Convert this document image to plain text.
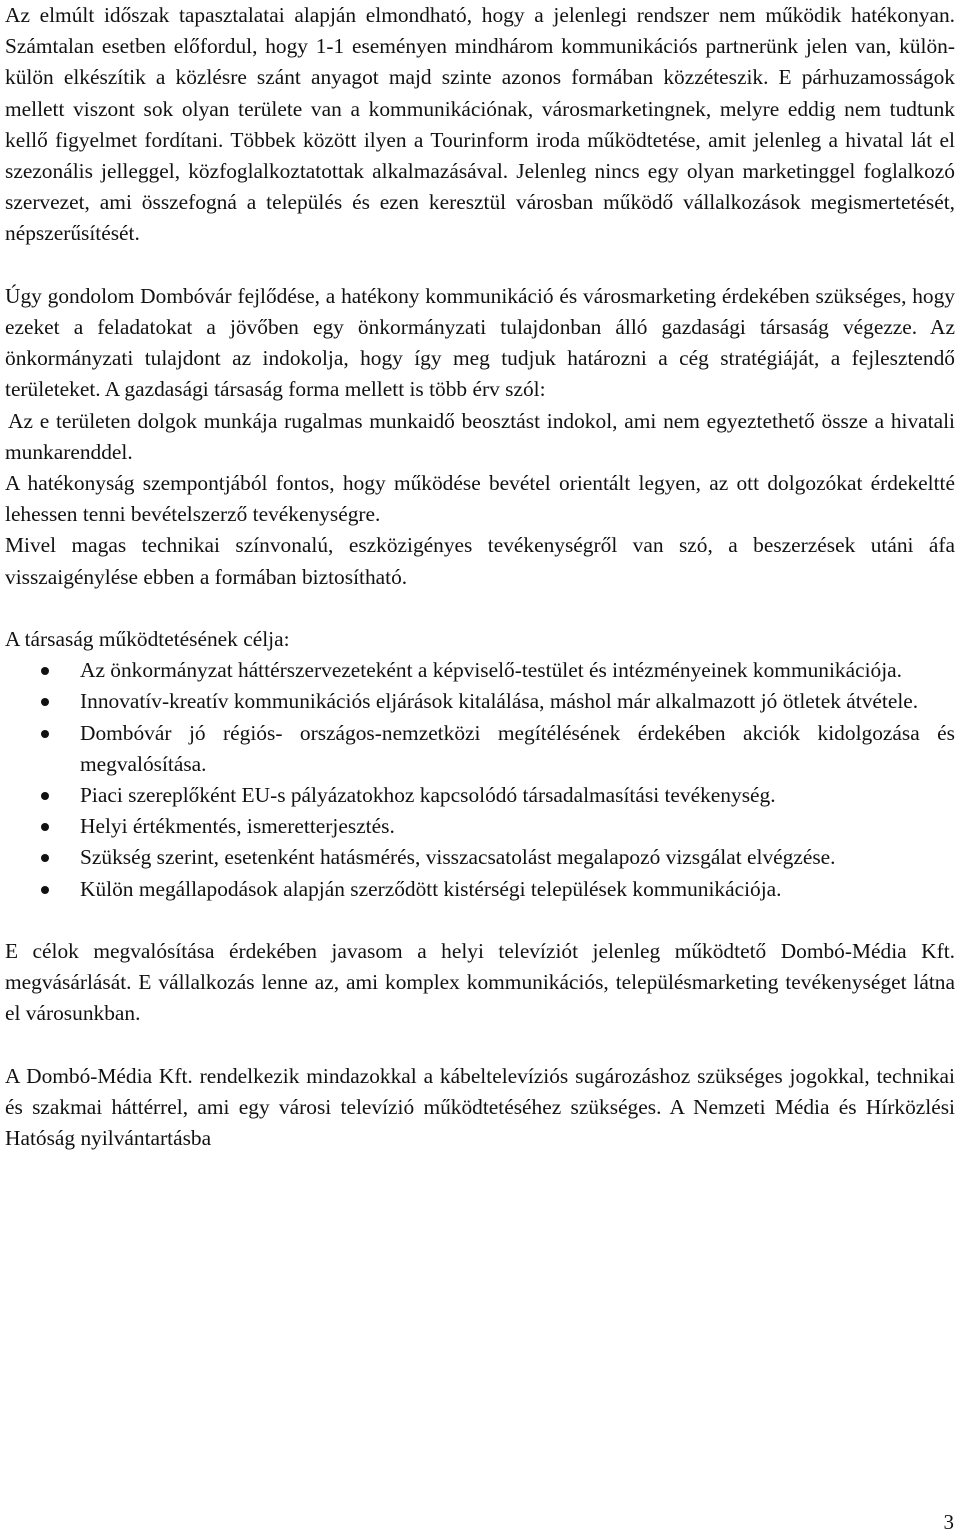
Az elmúlt időszak tapasztalatai alapján elmondható, hogy a jelenlegi rendszer nem működik hatékonyan. Számtalan esetben előfordul, hogy 1-1 eseményen mindhárom kommunikációs partnerünk jelen van, külön-külön elkészítik a közlésre szánt anyagot majd szinte azonos formában közzéteszik. E párhuzamosságok mellett viszont sok olyan területe van a kommunikációnak, városmarketingnek, melyre eddig nem tudtunk kellő figyelmet fordítani. Többek között ilyen a Tourinform iroda működtetése, amit jelenleg a hivatal lát el szezonális jelleggel, közfoglalkoztatottak alkalmazásával. Jelenleg nincs egy olyan marketinggel foglalkozó szervezet, ami összefogná a település és ezen keresztül városban működő vállalkozások megismertetését, népszerűsítését.

Úgy gondolom Dombóvár fejlődése, a hatékony kommunikáció és városmarketing érdekében szükséges, hogy ezeket a feladatokat a jövőben egy önkormányzati tulajdonban álló gazdasági társaság végezze. Az önkormányzati tulajdont az indokolja, hogy így meg tudjuk határozni a cég stratégiáját, a fejlesztendő területeket. A gazdasági társaság forma mellett is több érv szól:

Az e területen dolgok munkája rugalmas munkaidő beosztást indokol, ami nem egyeztethető össze a hivatali munkarenddel.

A hatékonyság szempontjából fontos, hogy működése bevétel orientált legyen, az ott dolgozókat érdekeltté lehessen tenni bevételszerző tevékenységre.

Mivel magas technikai színvonalú, eszközigényes tevékenységről van szó, a beszerzések utáni áfa visszaigénylése ebben a formában biztosítható.

A társaság működtetésének célja:

Az önkormányzat háttérszervezeteként a képviselő-testület és intézményeinek kommunikációja.
Innovatív-kreatív kommunikációs eljárások kitalálása, máshol már alkalmazott jó ötletek átvétele.
Dombóvár jó régiós- országos-nemzetközi megítélésének érdekében akciók kidolgozása és megvalósítása.
Piaci szereplőként EU-s pályázatokhoz kapcsolódó társadalmasítási tevékenység.
Helyi értékmentés, ismeretterjesztés.
Szükség szerint, esetenként hatásmérés, visszacsatolást megalapozó vizsgálat elvégzése.
Külön megállapodások alapján szerződött kistérségi települések kommunikációja.

E célok megvalósítása érdekében javasom a helyi televíziót jelenleg működtető Dombó-Média Kft. megvásárlását. E vállalkozás lenne az, ami komplex kommunikációs, településmarketing tevékenységet látna el városunkban.

A Dombó-Média Kft. rendelkezik mindazokkal a kábeltelevíziós sugározáshoz szükséges jogokkal, technikai és szakmai háttérrel, ami egy városi televízió működtetéséhez szükséges. A Nemzeti Média és Hírközlési Hatóság nyilvántartásba

3
